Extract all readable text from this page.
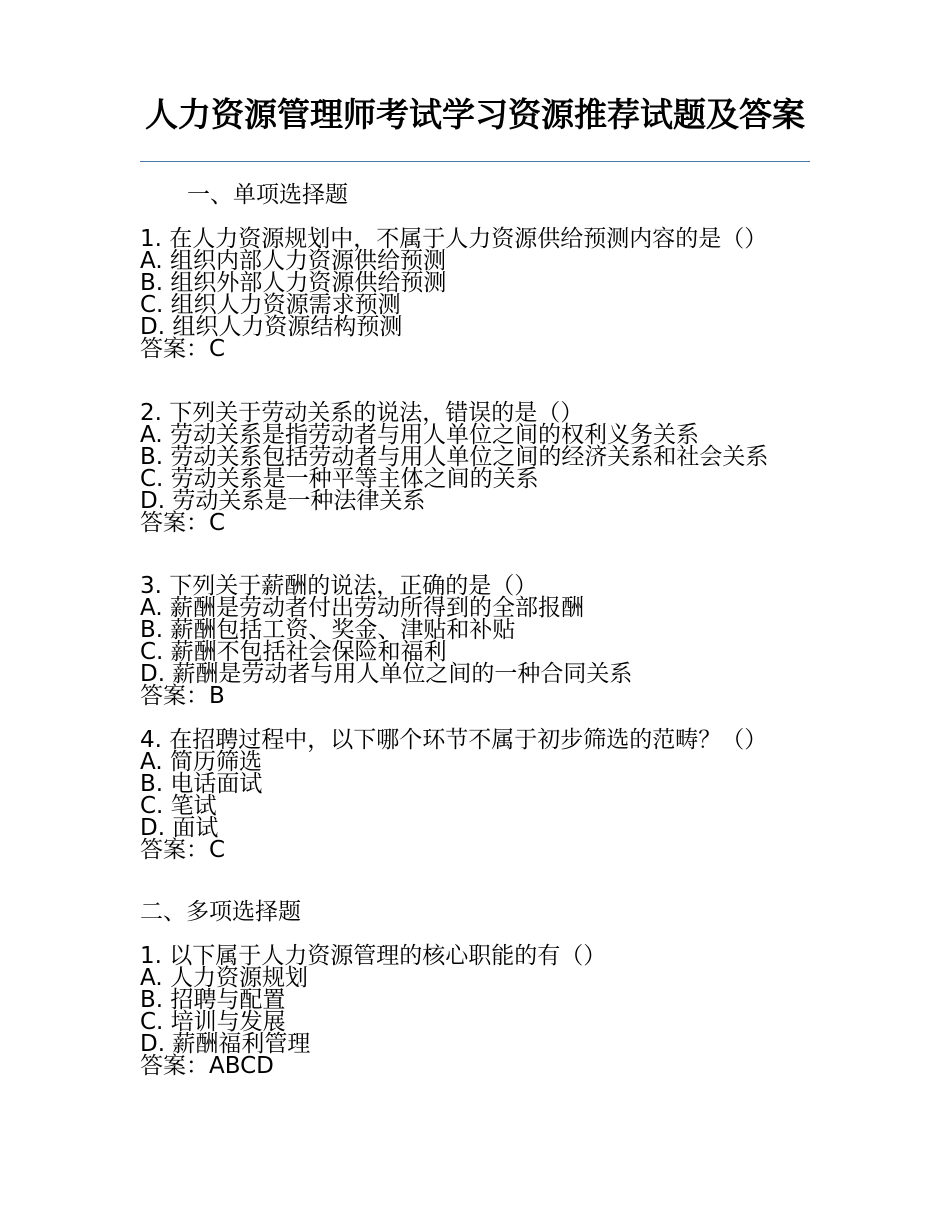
人力资源管理师考试学习资源推荐试题及答案
一、单项选择题
1. 在人力资源规划中，不属于人力资源供给预测内容的是（）
A. 组织内部人力资源供给预测
B. 组织外部人力资源供给预测
C. 组织人力资源需求预测
D. 组织人力资源结构预测
答案：C
2. 下列关于劳动关系的说法，错误的是（）
A. 劳动关系是指劳动者与用人单位之间的权利义务关系
B. 劳动关系包括劳动者与用人单位之间的经济关系和社会关系
C. 劳动关系是一种平等主体之间的关系
D. 劳动关系是一种法律关系
答案：C
3. 下列关于薪酬的说法，正确的是（）
A. 薪酬是劳动者付出劳动所得到的全部报酬
B. 薪酬包括工资、奖金、津贴和补贴
C. 薪酬不包括社会保险和福利
D. 薪酬是劳动者与用人单位之间的一种合同关系
答案：B
4. 在招聘过程中，以下哪个环节不属于初步筛选的范畴？（）
A. 简历筛选
B. 电话面试
C. 笔试
D. 面试
答案：C
二、多项选择题
1. 以下属于人力资源管理的核心职能的有（）
A. 人力资源规划
B. 招聘与配置
C. 培训与发展
D. 薪酬福利管理
答案：ABCD
